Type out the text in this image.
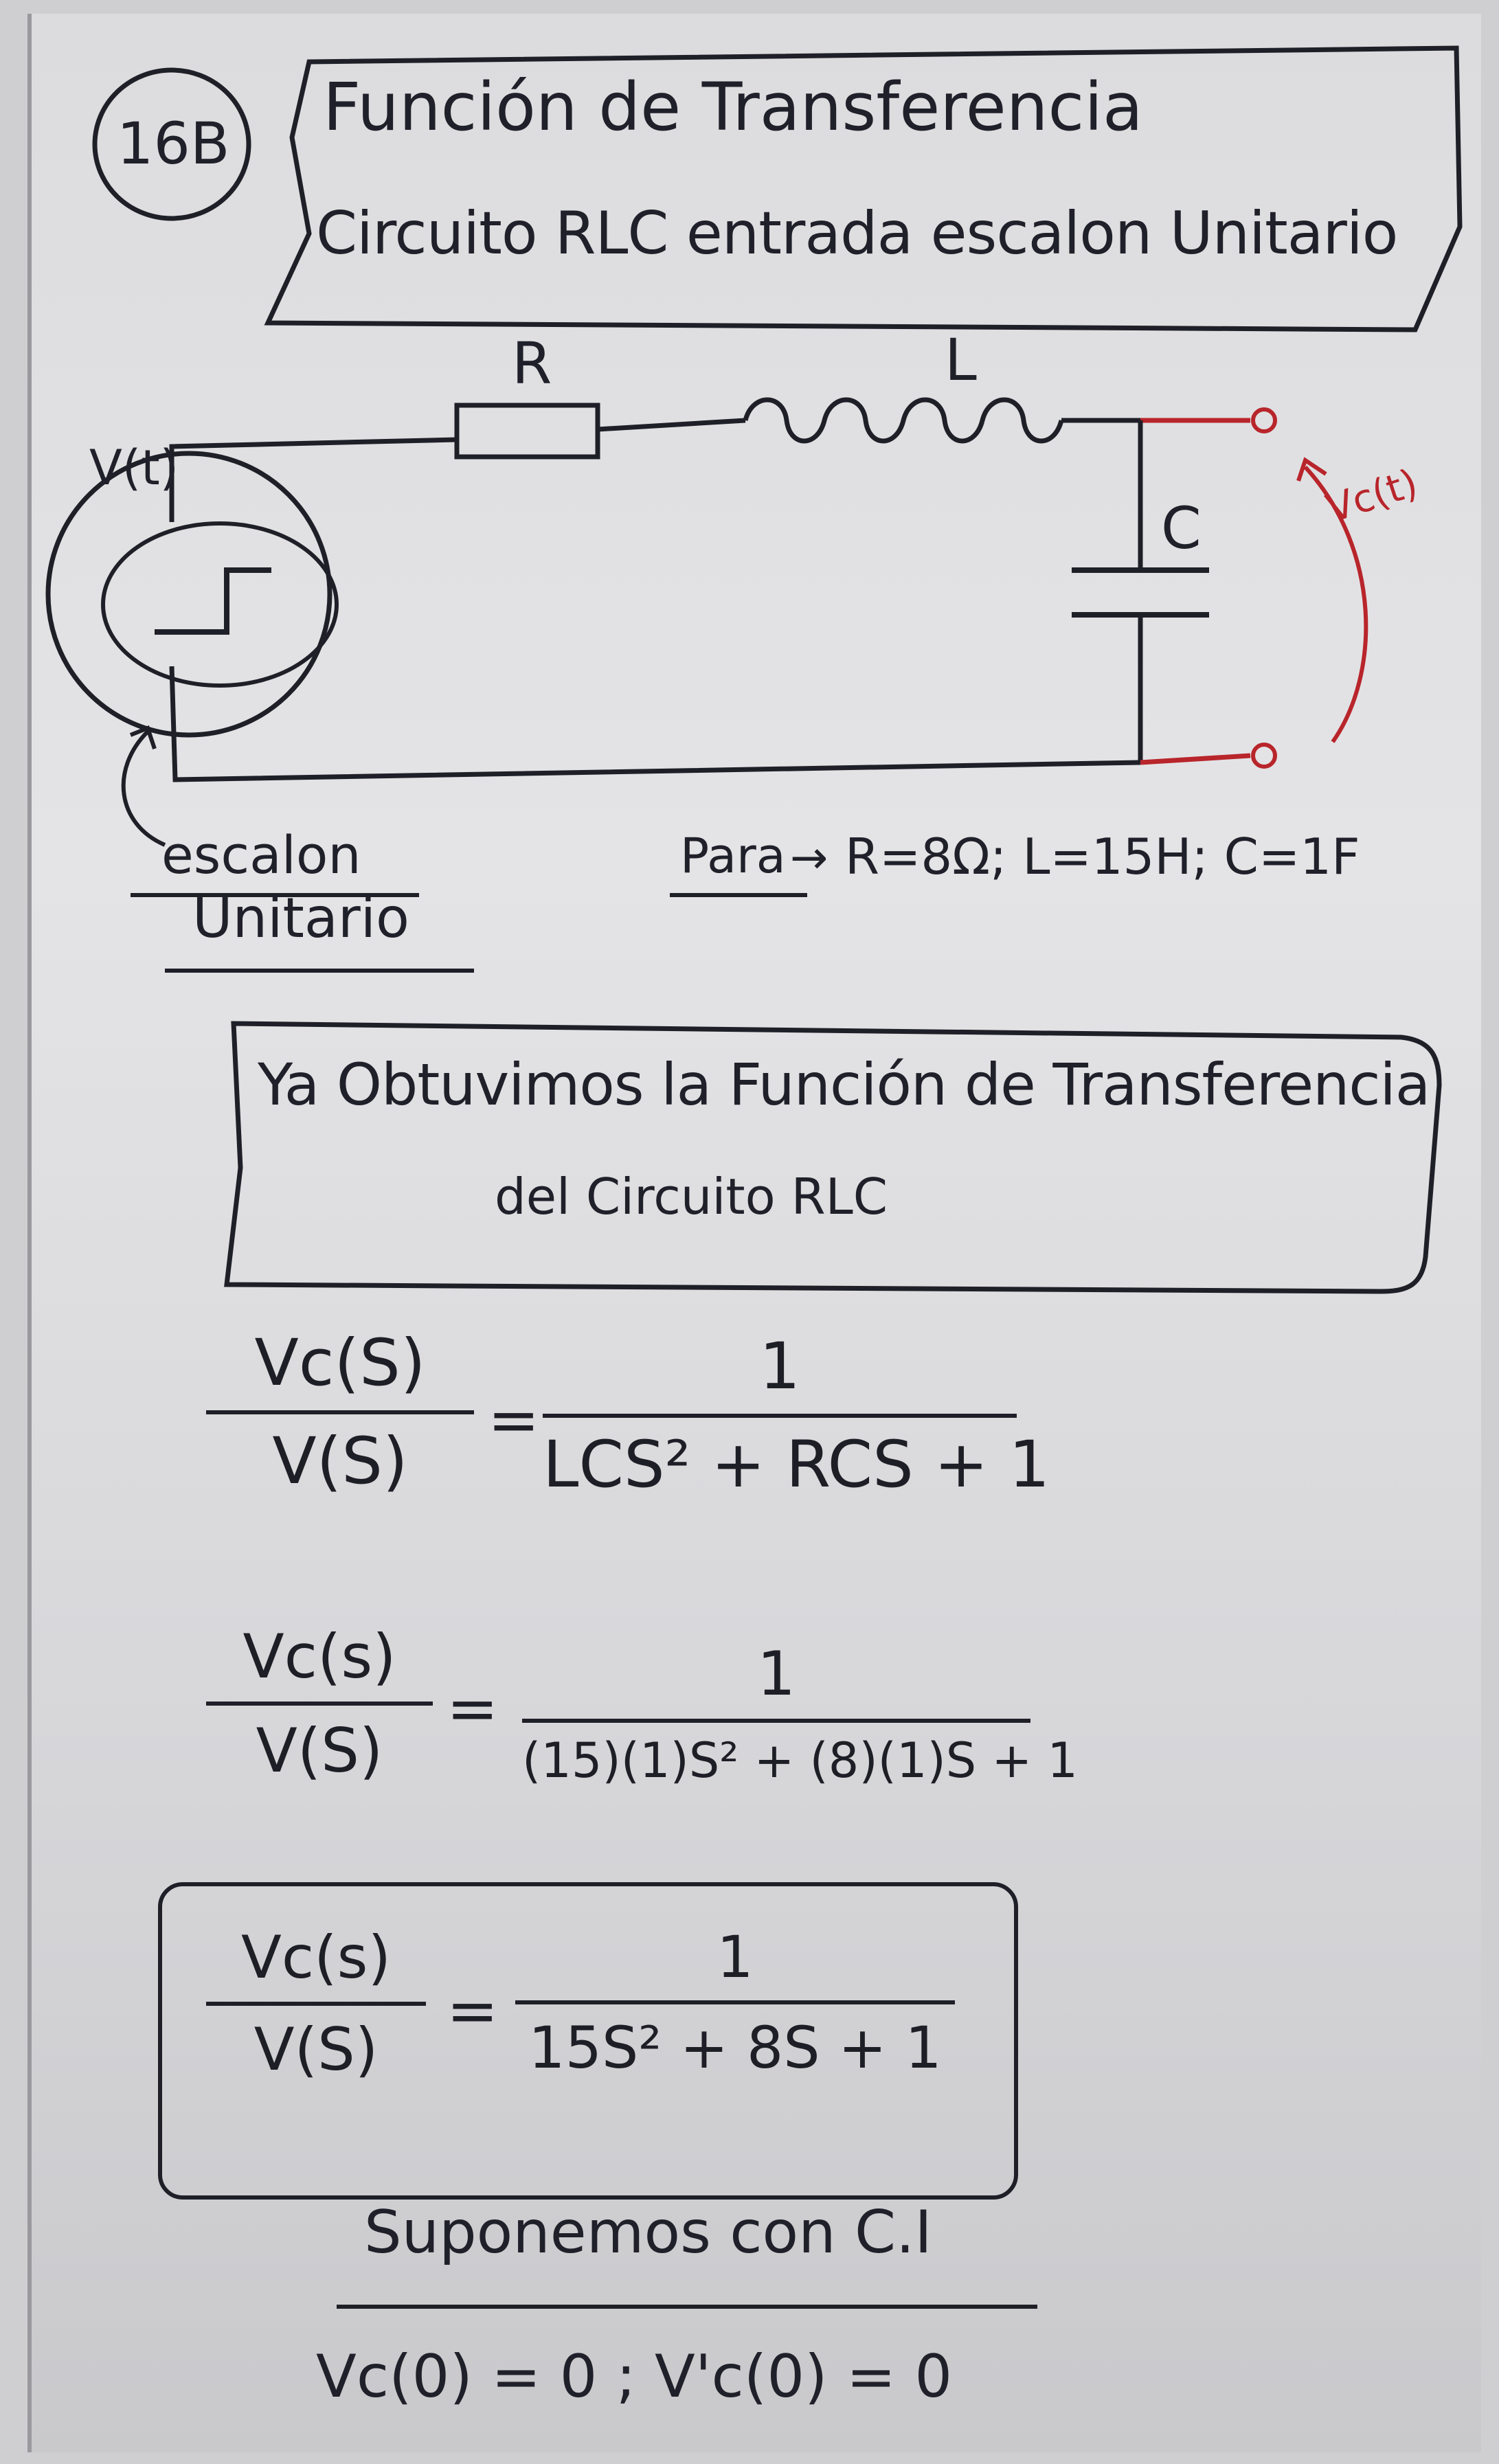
16B Función de Transferencia
Circuito RLC entrada escalon Unitario
R	L
C
V(t)	Vc(t)
escalon
Unitario
Para → R=8Ω; L=15H; C=1F
Ya Obtuvimos la Función de Transferencia
del Circuito RLC
Vc(S)
V(S)
=
1
LCS² + RCS + 1
Vc(s)
V(S)
=	1
(15)(1)S² + (8)(1)S + 1
Vc(s)
V(S)
=
1
15S² + 8S + 1
Suponemos con C.I
Vc(0) = 0 ; V'c(0) = 0
